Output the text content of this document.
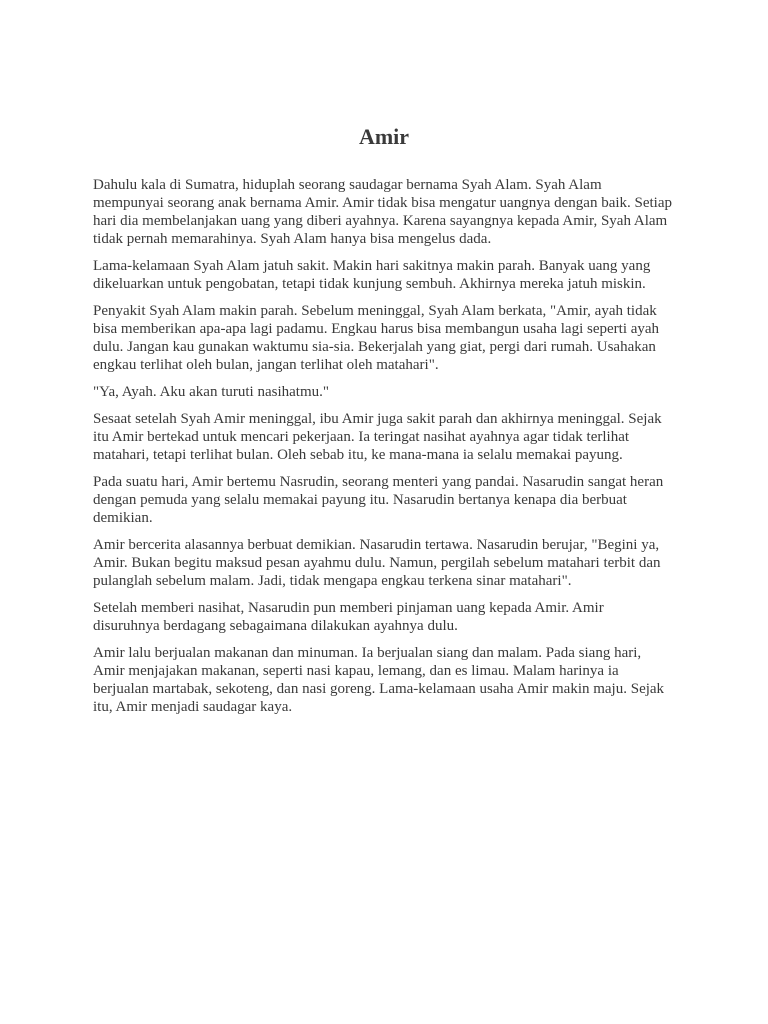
Amir

Dahulu kala di Sumatra, hiduplah seorang saudagar bernama Syah Alam. Syah Alam mempunyai seorang anak bernama Amir. Amir tidak bisa mengatur uangnya dengan baik. Setiap hari dia membelanjakan uang yang diberi ayahnya. Karena sayangnya kepada Amir, Syah Alam tidak pernah memarahinya. Syah Alam hanya bisa mengelus dada.

Lama-kelamaan Syah Alam jatuh sakit. Makin hari sakitnya makin parah. Banyak uang yang dikeluarkan untuk pengobatan, tetapi tidak kunjung sembuh. Akhirnya mereka jatuh miskin.

Penyakit Syah Alam makin parah. Sebelum meninggal, Syah Alam berkata, "Amir, ayah tidak bisa memberikan apa-apa lagi padamu. Engkau harus bisa membangun usaha lagi seperti ayah dulu. Jangan kau gunakan waktumu sia-sia. Bekerjalah yang giat, pergi dari rumah. Usahakan engkau terlihat oleh bulan, jangan terlihat oleh matahari".

"Ya, Ayah. Aku akan turuti nasihatmu."

Sesaat setelah Syah Amir meninggal, ibu Amir juga sakit parah dan akhirnya meninggal. Sejak itu Amir bertekad untuk mencari pekerjaan. Ia teringat nasihat ayahnya agar tidak terlihat matahari, tetapi terlihat bulan. Oleh sebab itu, ke mana-mana ia selalu memakai payung.

Pada suatu hari, Amir bertemu Nasrudin, seorang menteri yang pandai. Nasarudin sangat heran dengan pemuda yang selalu memakai payung itu. Nasarudin bertanya kenapa dia berbuat demikian.

Amir bercerita alasannya berbuat demikian. Nasarudin tertawa. Nasarudin berujar, "Begini ya, Amir. Bukan begitu maksud pesan ayahmu dulu. Namun, pergilah sebelum matahari terbit dan pulanglah sebelum malam. Jadi, tidak mengapa engkau terkena sinar matahari".

Setelah memberi nasihat, Nasarudin pun memberi pinjaman uang kepada Amir. Amir disuruhnya berdagang sebagaimana dilakukan ayahnya dulu.

Amir lalu berjualan makanan dan minuman. Ia berjualan siang dan malam. Pada siang hari, Amir menjajakan makanan, seperti nasi kapau, lemang, dan es limau. Malam harinya ia berjualan martabak, sekoteng, dan nasi goreng. Lama-kelamaan usaha Amir makin maju. Sejak itu, Amir menjadi saudagar kaya.
